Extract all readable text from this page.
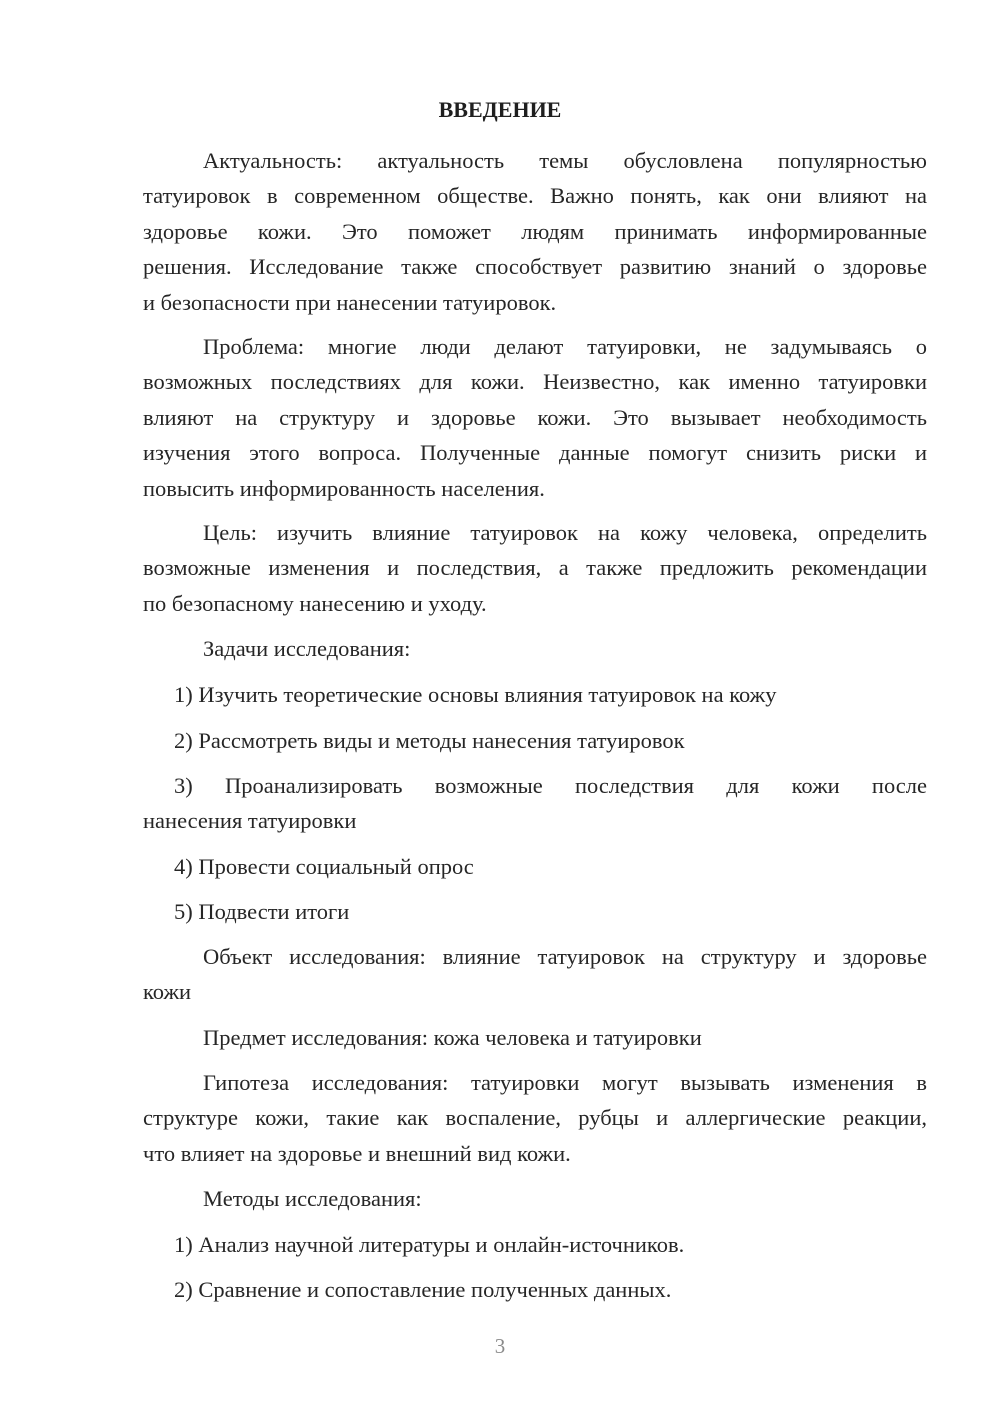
ВВЕДЕНИЕ
Актуальность: актуальность темы обусловлена популярностью
татуировок в современном обществе. Важно понять, как они влияют на
здоровье кожи. Это поможет людям принимать информированные
решения. Исследование также способствует развитию знаний о здоровье
и безопасности при нанесении татуировок.
Проблема: многие люди делают татуировки, не задумываясь о
возможных последствиях для кожи. Неизвестно, как именно татуировки
влияют на структуру и здоровье кожи. Это вызывает необходимость
изучения этого вопроса. Полученные данные помогут снизить риски и
повысить информированность населения.
Цель: изучить влияние татуировок на кожу человека, определить
возможные изменения и последствия, а также предложить рекомендации
по безопасному нанесению и уходу.
Задачи исследования:
1) Изучить теоретические основы влияния татуировок на кожу
2) Рассмотреть виды и методы нанесения татуировок
3) Проанализировать возможные последствия для кожи после
нанесения татуировки
4) Провести социальный опрос
5) Подвести итоги
Объект исследования: влияние татуировок на структуру и здоровье
кожи
Предмет исследования: кожа человека и татуировки
Гипотеза исследования: татуировки могут вызывать изменения в
структуре кожи, такие как воспаление, рубцы и аллергические реакции,
что влияет на здоровье и внешний вид кожи.
Методы исследования:
1) Анализ научной литературы и онлайн-источников.
2) Сравнение и сопоставление полученных данных.
3
